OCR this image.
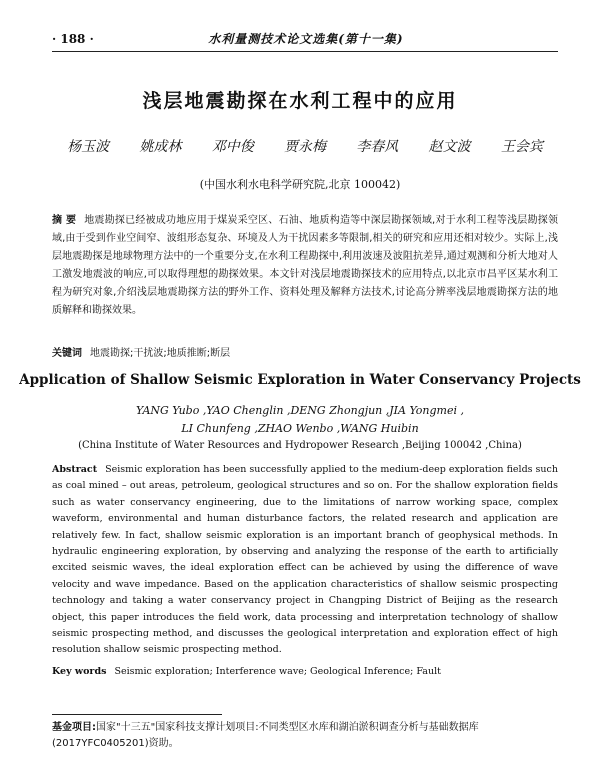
· 188 ·	水利量测技术论文选集(第十一集)
浅层地震勘探在水利工程中的应用
杨玉波 姚成林 邓中俊 贾永梅 李春风 赵文波 王会宾
(中国水利水电科学研究院,北京 100042)
摘 要 地震勘探已经被成功地应用于煤炭采空区、石油、地质构造等中深层勘探领域,对于水利工程等浅层勘探领域,由于受到作业空间窄、波组形态复杂、环境及人为干扰因素多等限制,相关的研究和应用还相对较少。实际上,浅层地震勘探是地球物理方法中的一个重要分支,在水利工程勘探中,利用波速及波阻抗差异,通过观测和分析大地对人工激发地震波的响应,可以取得理想的勘探效果。本文针对浅层地震勘探技术的应用特点,以北京市昌平区某水利工程为研究对象,介绍浅层地震勘探方法的野外工作、资料处理及解释方法技术,讨论高分辨率浅层地震勘探方法的地质解释和勘探效果。
关键词 地震勘探;干扰波;地质推断;断层
Application of Shallow Seismic Exploration in Water Conservancy Projects
YANG Yubo ,YAO Chenglin ,DENG Zhongjun ,JIA Yongmei ,
LI Chunfeng ,ZHAO Wenbo ,WANG Huibin
(China Institute of Water Resources and Hydropower Research ,Beijing 100042 ,China)
Abstract Seismic exploration has been successfully applied to the medium-deep exploration fields such as coal mined – out areas, petroleum, geological structures and so on. For the shallow exploration fields such as water conservancy engineering, due to the limitations of narrow working space, complex waveform, environmental and human disturbance factors, the related research and application are relatively few. In fact, shallow seismic exploration is an important branch of geophysical methods. In hydraulic engineering exploration, by observing and analyzing the response of the earth to artificially excited seismic waves, the ideal exploration effect can be achieved by using the difference of wave velocity and wave impedance. Based on the application characteristics of shallow seismic prospecting technology and taking a water conservancy project in Changping District of Beijing as the research object, this paper introduces the field work, data processing and interpretation technology of shallow seismic prospecting method, and discusses the geological interpretation and exploration effect of high resolution shallow seismic prospecting method.
Key words Seismic exploration; Interference wave; Geological Inference; Fault
基金项目:国家"十三五"国家科技支撑计划项目:不同类型区水库和湖泊淤积调查分析与基础数据库(2017YFC0405201)资助。
